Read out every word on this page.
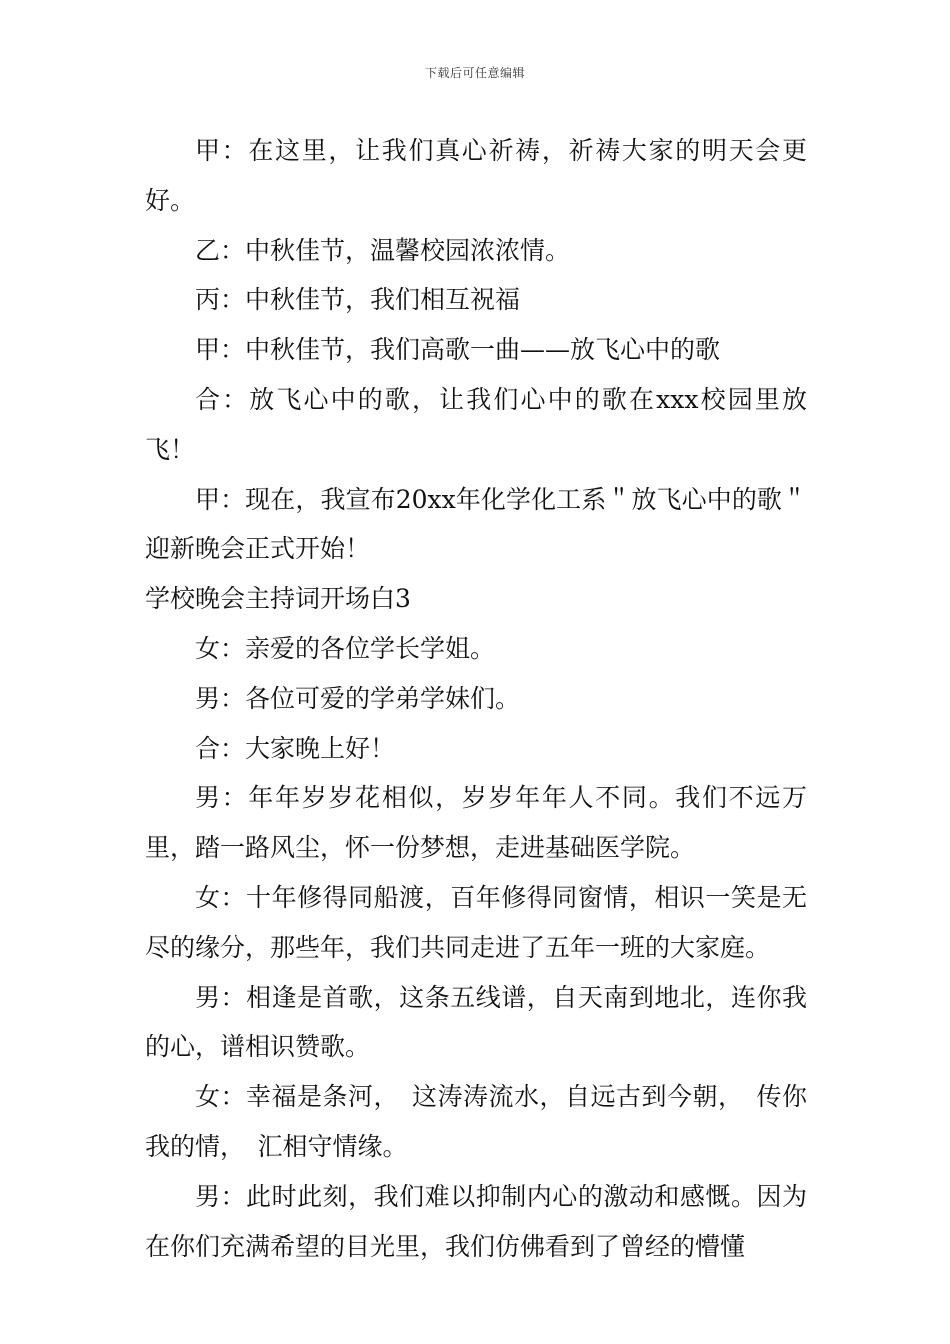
下载后可任意编辑

甲：在这里，让我们真心祈祷，祈祷大家的明天会更好。

乙：中秋佳节，温馨校园浓浓情。

丙：中秋佳节，我们相互祝福

甲：中秋佳节，我们高歌一曲——放飞心中的歌

合：放飞心中的歌，让我们心中的歌在xxx校园里放飞！

甲：现在，我宣布20xx年化学化工系＂放飞心中的歌＂迎新晚会正式开始！

学校晚会主持词开场白3

女：亲爱的各位学长学姐。

男：各位可爱的学弟学妹们。

合：大家晚上好！

男：年年岁岁花相似，岁岁年年人不同。我们不远万里，踏一路风尘，怀一份梦想，走进基础医学院。

女：十年修得同船渡，百年修得同窗情，相识一笑是无尽的缘分，那些年，我们共同走进了五年一班的大家庭。

男：相逢是首歌，这条五线谱，自天南到地北，连你我的心，谱相识赞歌。

女：幸福是条河，　这涛涛流水，自远古到今朝，　传你我的情，　汇相守情缘。

男：此时此刻，我们难以抑制内心的激动和感慨。因为在你们充满希望的目光里，我们仿佛看到了曾经的懵懂
